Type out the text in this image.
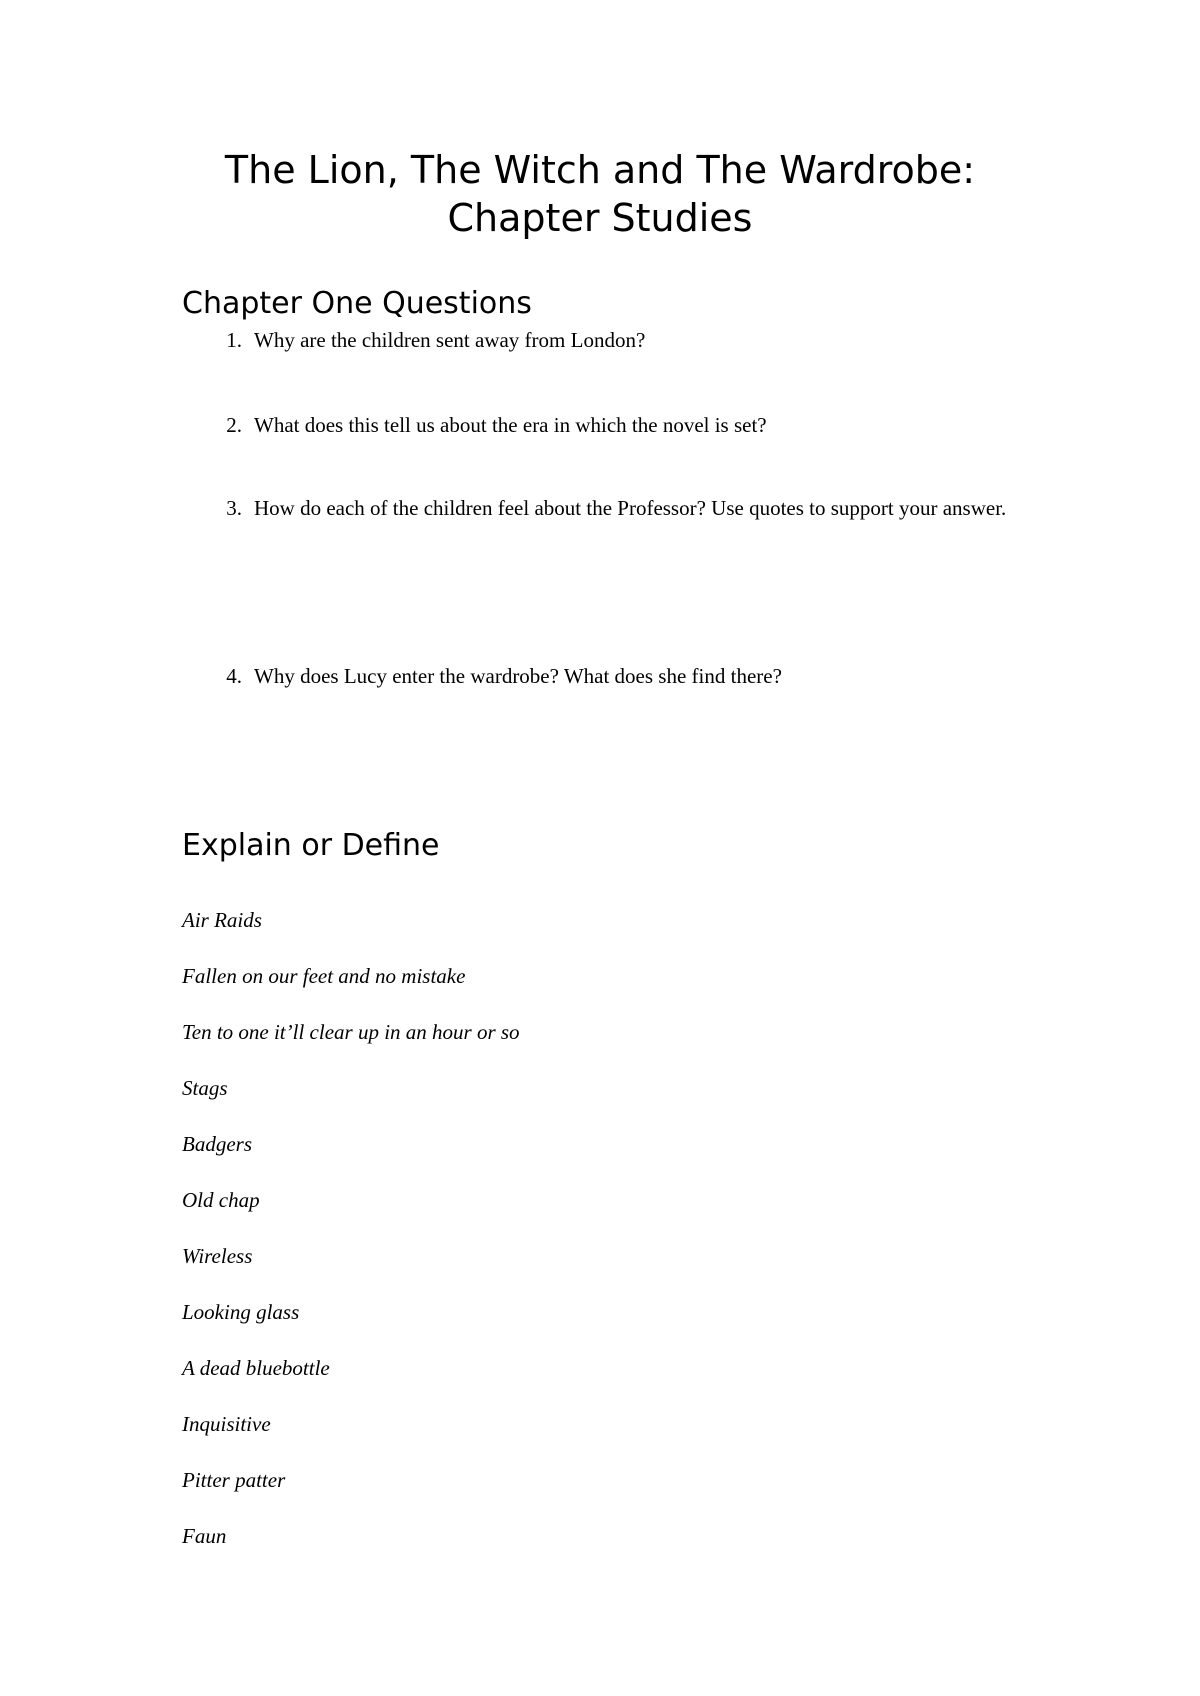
The Lion, The Witch and The Wardrobe:
Chapter Studies
Chapter One Questions
1. Why are the children sent away from London?
2. What does this tell us about the era in which the novel is set?
3. How do each of the children feel about the Professor? Use quotes to support your answer.
4. Why does Lucy enter the wardrobe? What does she find there?
Explain or Define
Air Raids
Fallen on our feet and no mistake
Ten to one it’ll clear up in an hour or so
Stags
Badgers
Old chap
Wireless
Looking glass
A dead bluebottle
Inquisitive
Pitter patter
Faun
